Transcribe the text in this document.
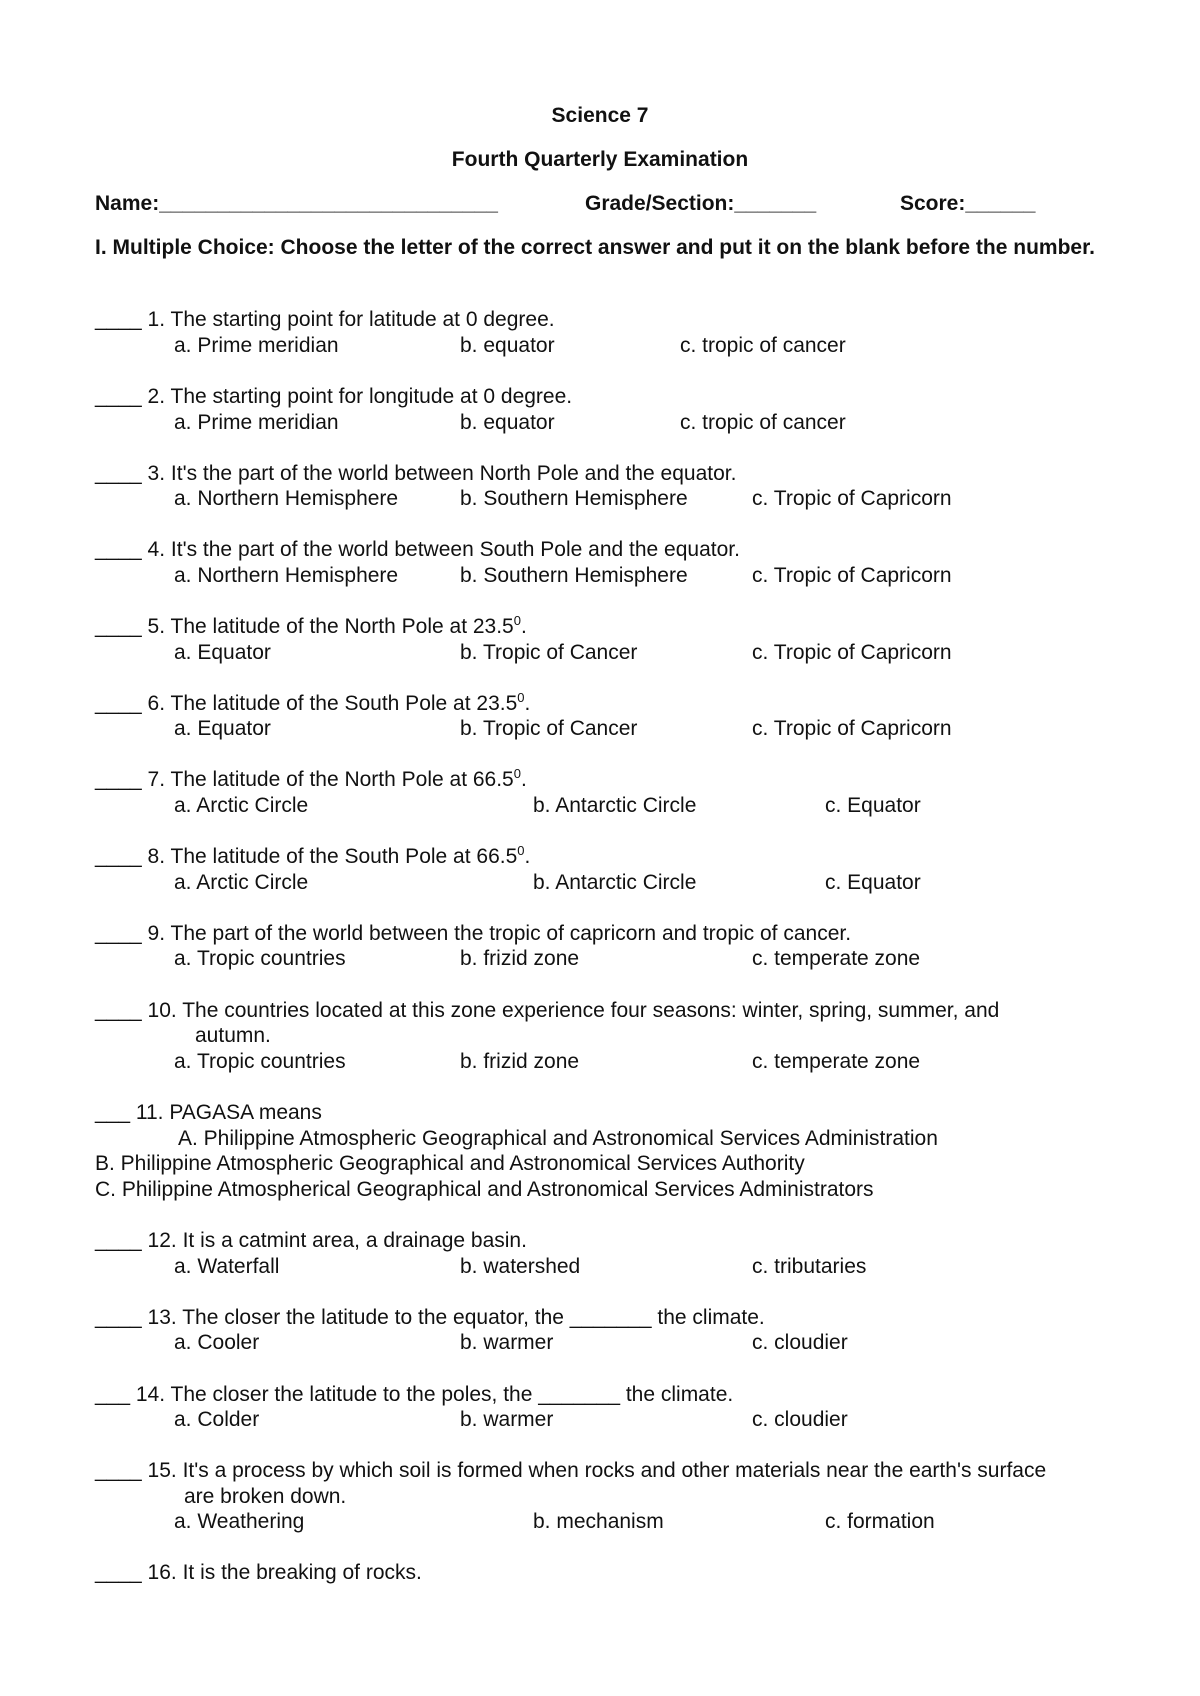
Science 7
Fourth Quarterly Examination
Name:_____________________________	Grade/Section:_______	Score:______
I. Multiple Choice: Choose the letter of the correct answer and put it on the blank before the number.
____ 1. The starting point for latitude at 0 degree.
a. Prime meridian	b. equator	c. tropic of cancer
____ 2. The starting point for longitude at 0 degree.
a. Prime meridian	b. equator	c. tropic of cancer
____ 3. It's the part of the world between North Pole and the equator.
a. Northern Hemisphere	b. Southern Hemisphere	c. Tropic of Capricorn
____ 4. It's the part of the world between South Pole and the equator.
a. Northern Hemisphere	b. Southern Hemisphere	c. Tropic of Capricorn
____ 5. The latitude of the North Pole at 23.5$^0$.
a. Equator	b. Tropic of Cancer	c. Tropic of Capricorn
____ 6. The latitude of the South Pole at 23.5$^0$.
a. Equator	b. Tropic of Cancer	c. Tropic of Capricorn
____ 7. The latitude of the North Pole at 66.5$^0$.
a. Arctic Circle	b. Antarctic Circle	c. Equator
____ 8. The latitude of the South Pole at 66.5$^0$.
a. Arctic Circle	b. Antarctic Circle	c. Equator
____ 9. The part of the world between the tropic of capricorn and tropic of cancer.
a. Tropic countries	b. frizid zone	c. temperate zone
____ 10. The countries located at this zone experience four seasons: winter, spring, summer, and
autumn.
a. Tropic countries	b. frizid zone	c. temperate zone
___ 11. PAGASA means
A. Philippine Atmospheric Geographical and Astronomical Services Administration
B. Philippine Atmospheric Geographical and Astronomical Services Authority
C. Philippine Atmospherical Geographical and Astronomical Services Administrators
____ 12. It is a catmint area, a drainage basin.
a. Waterfall	b. watershed	c. tributaries
____ 13. The closer the latitude to the equator, the _______ the climate.
a. Cooler	b. warmer	c. cloudier
___ 14. The closer the latitude to the poles, the _______ the climate.
a. Colder	b. warmer	c. cloudier
____ 15. It's a process by which soil is formed when rocks and other materials near the earth's surface
are broken down.
a. Weathering	b. mechanism	c. formation
____ 16. It is the breaking of rocks.
